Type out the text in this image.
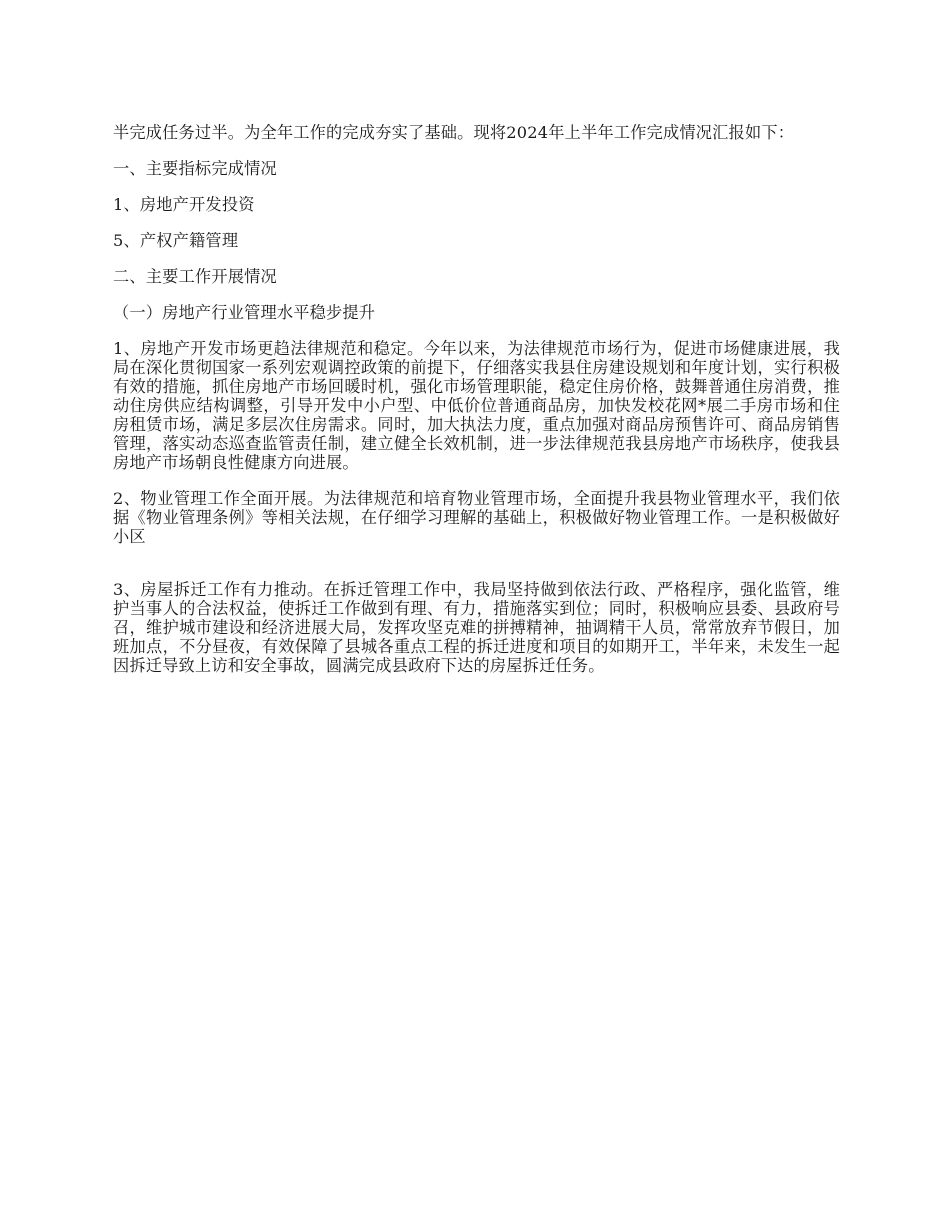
半完成任务过半。为全年工作的完成夯实了基础。现将2024年上半年工作完成情况汇报如下：

一、主要指标完成情况

1、房地产开发投资

5、产权产籍管理

二、主要工作开展情况

（一）房地产行业管理水平稳步提升

1、房地产开发市场更趋法律规范和稳定。今年以来，为法律规范市场行为，促进市场健康进展，我局在深化贯彻国家一系列宏观调控政策的前提下，仔细落实我县住房建设规划和年度计划，实行积极有效的措施，抓住房地产市场回暖时机，强化市场管理职能，稳定住房价格，鼓舞普通住房消费，推动住房供应结构调整，引导开发中小户型、中低价位普通商品房，加快发校花网*展二手房市场和住房租赁市场，满足多层次住房需求。同时，加大执法力度，重点加强对商品房预售许可、商品房销售管理，落实动态巡查监管责任制，建立健全长效机制，进一步法律规范我县房地产市场秩序，使我县房地产市场朝良性健康方向进展。

2、物业管理工作全面开展。为法律规范和培育物业管理市场，全面提升我县物业管理水平，我们依据《物业管理条例》等相关法规，在仔细学习理解的基础上，积极做好物业管理工作。一是积极做好小区

3、房屋拆迁工作有力推动。在拆迁管理工作中，我局坚持做到依法行政、严格程序，强化监管，维护当事人的合法权益，使拆迁工作做到有理、有力，措施落实到位；同时，积极响应县委、县政府号召，维护城市建设和经济进展大局，发挥攻坚克难的拼搏精神，抽调精干人员，常常放弃节假日，加班加点，不分昼夜，有效保障了县城各重点工程的拆迁进度和项目的如期开工，半年来，未发生一起因拆迁导致上访和安全事故，圆满完成县政府下达的房屋拆迁任务。
